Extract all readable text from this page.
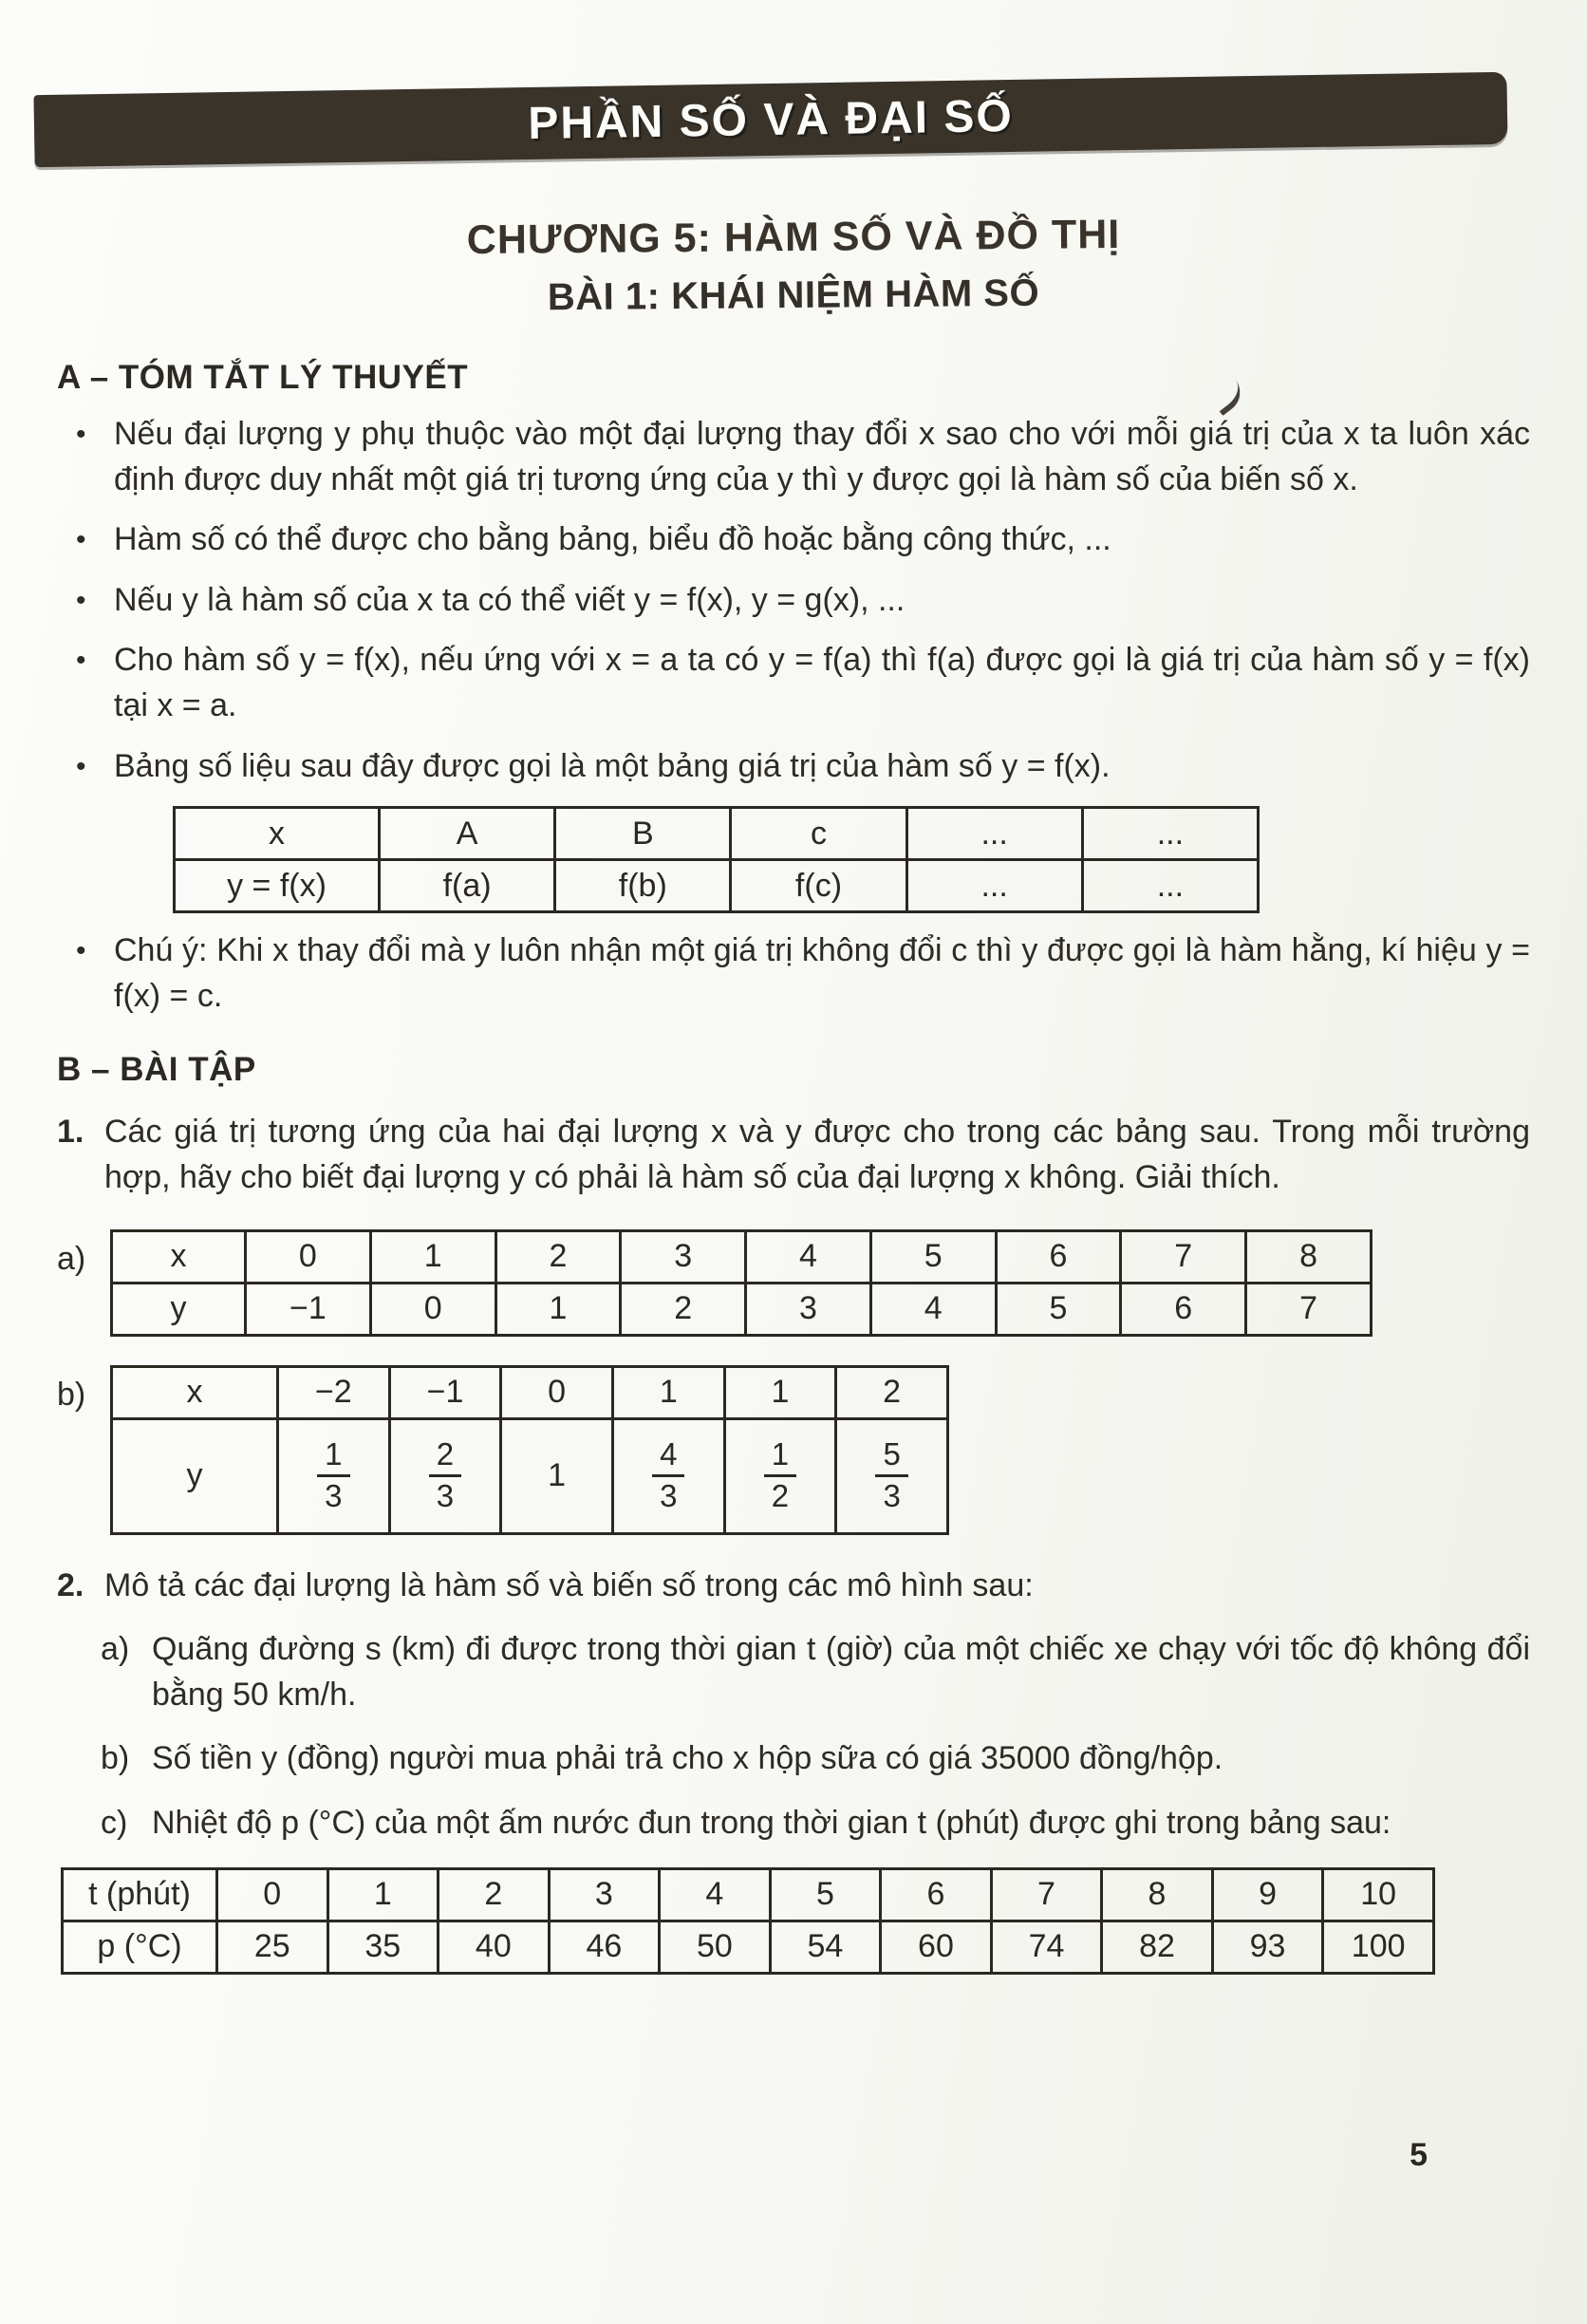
PHẦN SỐ VÀ ĐẠI SỐ
CHƯƠNG 5: HÀM SỐ VÀ ĐỒ THỊ
BÀI 1: KHÁI NIỆM HÀM SỐ
A – TÓM TẮT LÝ THUYẾT
• Nếu đại lượng y phụ thuộc vào một đại lượng thay đổi x sao cho với mỗi giá trị của x ta luôn xác định được duy nhất một giá trị tương ứng của y thì y được gọi là hàm số của biến số x.
• Hàm số có thể được cho bằng bảng, biểu đồ hoặc bằng công thức, ...
• Nếu y là hàm số của x ta có thể viết y = f(x), y = g(x), ...
• Cho hàm số y = f(x), nếu ứng với x = a ta có y = f(a) thì f(a) được gọi là giá trị của hàm số y = f(x) tại x = a.
• Bảng số liệu sau đây được gọi là một bảng giá trị của hàm số y = f(x).
x	A	B	c	...	...
y = f(x)	f(a)	f(b)	f(c)	...	...
• Chú ý: Khi x thay đổi mà y luôn nhận một giá trị không đổi c thì y được gọi là hàm hằng, kí hiệu y = f(x) = c.
B – BÀI TẬP
1. Các giá trị tương ứng của hai đại lượng x và y được cho trong các bảng sau. Trong mỗi trường hợp, hãy cho biết đại lượng y có phải là hàm số của đại lượng x không. Giải thích.
a)	x	0	1	2	3	4	5	6	7	8
y	−1	0	1	2	3	4	5	6	7
b)	x	−2	−1	0	1	1	2
y	$\frac{1}{3}$	$\frac{2}{3}$	1	$\frac{4}{3}$	$\frac{1}{2}$	$\frac{5}{3}$
2. Mô tả các đại lượng là hàm số và biến số trong các mô hình sau:
a) Quãng đường s (km) đi được trong thời gian t (giờ) của một chiếc xe chạy với tốc độ không đổi bằng 50 km/h.
b) Số tiền y (đồng) người mua phải trả cho x hộp sữa có giá 35000 đồng/hộp.
c) Nhiệt độ p (°C) của một ấm nước đun trong thời gian t (phút) được ghi trong bảng sau:
t (phút)	0	1	2	3	4	5	6	7	8	9	10
p (°C)	25	35	40	46	50	54	60	74	82	93	100
5
